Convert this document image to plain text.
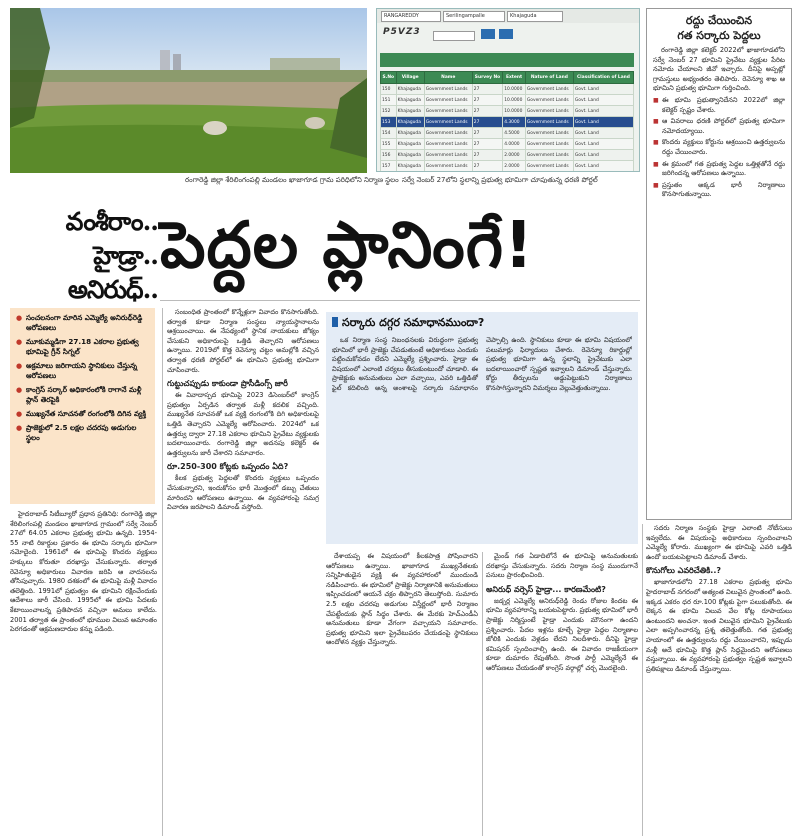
రంగారెడ్డి జిల్లా శేరిలింగంపల్లి మండలం ఖాజాగూడ గ్రామ పరిధిలోని నిర్మాణ స్థలం
RANGAREDDY	Serilingampalle	Khajaguda
P5VZ3
S.No	Village	Name	Survey No	Extent	Nature of Land	Classification of Land
150	Khajaguda	Government Lands	27	10.0000	Government Lands	Govt. Land
151	Khajaguda	Government Lands	27	10.0000	Government Lands	Govt. Land
152	Khajaguda	Government Lands	27	10.0000	Government Lands	Govt. Land
153	Khajaguda	Government Lands	27	4.3000	Government Lands	Govt. Land
154	Khajaguda	Government Lands	27	4.5000	Government Lands	Govt. Land
155	Khajaguda	Government Lands	27	4.0000	Government Lands	Govt. Land
156	Khajaguda	Government Lands	27	2.0000	Government Lands	Govt. Land
157	Khajaguda	Government Lands	27	2.0000	Government Lands	Govt. Land

సర్వే నెంబర్ 27లోని స్థలాన్ని ప్రభుత్వ భూమిగా చూపుతున్న ధరణి పోర్టల్
రద్దు చేయించిన
గత సర్కారు పెద్దలు

రంగారెడ్డి జిల్లా కలెక్టర్ 2022లో ఖాజాగూడలోని సర్వే నెంబర్ 27 భూమిని ప్రైవేటు వ్యక్తుల పేరిట నమోదు చేయాలని జీవో ఇచ్చారు. దీనిపై అప్పట్లో గ్రామస్తులు అభ్యంతరం తెలిపారు. రెవెన్యూ శాఖ ఆ భూమిని ప్రభుత్వ భూమిగా గుర్తించింది.

■ ఈ భూమి ప్రభుత్వానిదేనని 2022లో జిల్లా కలెక్టర్ స్పష్టం చేశారు.
■ ఆ వివరాలు ధరణి పోర్టల్‌లో ప్రభుత్వ భూమిగా నమోదయ్యాయి.
■ కొందరు వ్యక్తులు కోర్టును ఆశ్రయించి ఉత్తర్వులను రద్దు చేయించారు.
■ ఈ క్రమంలో గత ప్రభుత్వ పెద్దల ఒత్తిళ్లతోనే రద్దు జరిగిందన్న ఆరోపణలు ఉన్నాయి.
■ ప్రస్తుతం అక్కడ భారీ నిర్మాణాలు కొనసాగుతున్నాయి.
వంశీరాం..
హైడ్రా..
అనిరుధ్..
పెద్దల ప్లానింగే!
● సంచలనంగా మారిన ఎమ్మెల్యే అనిరుధ్‌రెడ్డి ఆరోపణలు
● మూకుమ్మడిగా 27.18 ఎకరాల ప్రభుత్వ భూమిపై గ్రీన్ సిగ్నల్
● అక్రమాలు జరిగాయని స్థానికులు చేస్తున్న ఆరోపణలు
● కాంగ్రెస్ సర్కార్ అధికారంలోకి రాగానే మళ్లీ ప్లాన్ తెరపైకి
● ముఖ్యనేత సూచనతో రంగంలోకి దిగిన వ్యక్తి
● ప్రాజెక్టులో 2.5 లక్షల చదరపు అడుగుల స్థలం

హైదరాబాద్ సిటీబ్యూరో ప్రధాన ప్రతినిధి: రంగారెడ్డి జిల్లా శేరిలింగంపల్లి మండలం ఖాజాగూడ గ్రామంలో సర్వే నెంబర్ 27లో 64.05 ఎకరాల ప్రభుత్వ భూమి ఉన్నది. 1954-55 నాటి రికార్డుల ప్రకారం ఈ భూమి సర్కారు భూమిగా నమోదైంది. 1961లో ఈ భూమిపై కొందరు వ్యక్తులు హక్కులు కోరుతూ దరఖాస్తు చేసుకున్నారు. తర్వాత రెవెన్యూ అధికారులు విచారణ జరిపి ఆ వాదనలను తోసిపుచ్చారు. 1980 దశకంలో ఈ భూమిపై మళ్లీ వివాదం తలెత్తింది. 1991లో ప్రభుత్వం ఈ భూమిని రక్షించేందుకు ఆదేశాలు జారీ చేసింది. 1995లో ఈ భూమి పేదలకు కేటాయించాలన్న ప్రతిపాదన వచ్చినా అమలు కాలేదు. 2001 తర్వాత ఈ ప్రాంతంలో భూముల విలువ అమాంతం పెరగడంతో ఆక్రమణదారుల కన్ను పడింది.

సంబంధిత ప్రాంతంలో కొన్నేళ్లుగా వివాదం కొనసాగుతోంది. తర్వాత కూడా నిర్మాణ సంస్థలు న్యాయస్థానాలను ఆశ్రయించాయి. ఈ నేపథ్యంలో స్థానిక నాయకులు జోక్యం చేసుకుని అధికారులపై ఒత్తిడి తెచ్చారని ఆరోపణలు ఉన్నాయి. 2019లో కొత్త రెవెన్యూ చట్టం అమల్లోకి వచ్చిన తర్వాత ధరణి పోర్టల్‌లో ఈ భూమిని ప్రభుత్వ భూమిగా చూపించారు.

గుట్టుచప్పుడు కాకుండా ప్రొసీడింగ్స్ జారీ

ఈ వివాదాస్పద భూమిపై 2023 డిసెంబర్‌లో కాంగ్రెస్ ప్రభుత్వం ఏర్పడిన తర్వాత మళ్లీ కదలిక వచ్చింది. ముఖ్యనేత సూచనతో ఒక వ్యక్తి రంగంలోకి దిగి అధికారులపై ఒత్తిడి తెచ్చారని ఎమ్మెల్యే ఆరోపించారు. 2024లో ఒక ఉత్తర్వు ద్వారా 27.18 ఎకరాల భూమిని ప్రైవేటు వ్యక్తులకు బదలాయించారు. రంగారెడ్డి జిల్లా అదనపు కలెక్టర్ ఈ ఉత్తర్వులను జారీ చేశారని సమాచారం.

రూ.250-300 కోట్లకు ఒప్పందం ఏది?

కీలక ప్రభుత్వ పెద్దలతో కొందరు వ్యక్తులు ఒప్పందం చేసుకున్నారని, ఇందుకోసం భారీ మొత్తంలో డబ్బు చేతులు మారిందని ఆరోపణలు ఉన్నాయి. ఈ వ్యవహారంపై సమగ్ర విచారణ జరపాలని డిమాండ్ వస్తోంది.

సర్కారు దగ్గర సమాధానముందా?

ఒక నిర్మాణ సంస్థ నిబంధనలకు విరుద్ధంగా ప్రభుత్వ భూమిలో భారీ ప్రాజెక్టు చేపడుతుంటే అధికారులు ఎందుకు పట్టించుకోవడం లేదని ఎమ్మెల్యే ప్రశ్నించారు. హైడ్రా ఈ విషయంలో ఎలాంటి చర్యలు తీసుకుంటుందో చూడాలి. ఈ ప్రాజెక్టుకు అనుమతులు ఎలా వచ్చాయి, ఎవరి ఒత్తిడితో ఫైల్ కదిలింది అన్న అంశాలపై సర్కారు సమాధానం చెప్పాల్సి ఉంది. స్థానికులు కూడా ఈ భూమి విషయంలో పలుమార్లు ఫిర్యాదులు చేశారు. రెవెన్యూ రికార్డుల్లో ప్రభుత్వ భూమిగా ఉన్న స్థలాన్ని ప్రైవేటుకు ఎలా బదలాయించారో స్పష్టత ఇవ్వాలని డిమాండ్ చేస్తున్నారు. కోర్టు తీర్పులను అడ్డుపెట్టుకుని నిర్మాణాలు కొనసాగిస్తున్నారని విమర్శలు వెల్లువెత్తుతున్నాయి.

దేశాయప్ప ఈ విషయంలో కీలకపాత్ర పోషించారని ఆరోపణలు ఉన్నాయి. ఖాజాగూడ ముఖ్యనేతలకు సన్నిహితుడైన వ్యక్తి ఈ వ్యవహారంలో ముందుండి నడిపించారు. ఈ భూమిలో ప్రాజెక్టు నిర్మాణానికి అనుమతులు ఇప్పించడంలో ఆయనే చక్రం తిప్పారని తెలుస్తోంది. సుమారు 2.5 లక్షల చదరపు అడుగుల విస్తీర్ణంలో భారీ నిర్మాణం చేపట్టేందుకు ప్లాన్ సిద్ధం చేశారు. ఈ మేరకు హెచ్‌ఎండీఏ అనుమతులు కూడా వేగంగా వచ్చాయని సమాచారం. ప్రభుత్వ భూమిని ఇలా ప్రైవేటుపరం చేయడంపై స్థానికులు ఆందోళన వ్యక్తం చేస్తున్నారు.

మైండ్ గత ఏడాదిలోనే ఈ భూమిపై అనుమతులకు దరఖాస్తు చేసుకున్నారు. సదరు నిర్మాణ సంస్థ ముందుగానే పనులు ప్రారంభించింది.

అనిరుధ్ వర్సెస్ హైడ్రా... కారణమేంటి?

జడ్చర్ల ఎమ్మెల్యే అనిరుధ్‌రెడ్డి రెండు రోజుల కిందట ఈ భూమి వ్యవహారాన్ని బయటపెట్టారు. ప్రభుత్వ భూమిలో భారీ ప్రాజెక్టు నిర్మిస్తుంటే హైడ్రా ఎందుకు మౌనంగా ఉందని ప్రశ్నించారు. పేదల ఇళ్లను కూల్చే హైడ్రా పెద్దల నిర్మాణాల జోలికి ఎందుకు వెళ్లడం లేదని నిలదీశారు. దీనిపై హైడ్రా కమిషనర్ స్పందించాల్సి ఉంది. ఈ వివాదం రాజకీయంగా కూడా దుమారం రేపుతోంది. సొంత పార్టీ ఎమ్మెల్యేనే ఈ ఆరోపణలు చేయడంతో కాంగ్రెస్ వర్గాల్లో చర్చ మొదలైంది.

సదరు నిర్మాణ సంస్థకు హైడ్రా ఎలాంటి నోటీసులు ఇవ్వలేదు. ఈ విషయంపై అధికారులు స్పందించాలని ఎమ్మెల్యే కోరారు. ముఖ్యంగా ఈ భూమిపై ఎవరి ఒత్తిడి ఉందో బయటపెట్టాలని డిమాండ్ చేశారు.

కొనుగోలు ఎవరిచేతికి..?

ఖాజాగూడలోని 27.18 ఎకరాల ప్రభుత్వ భూమి హైదరాబాద్ నగరంలో అత్యంత విలువైన ప్రాంతంలో ఉంది. ఇక్కడ ఎకరం ధర రూ.100 కోట్లకు పైగా పలుకుతోంది. ఈ లెక్కన ఈ భూమి విలువ వేల కోట్ల రూపాయలు ఉంటుందని అంచనా. ఇంత విలువైన భూమిని ప్రైవేటుకు ఎలా అప్పగించారన్న ప్రశ్న తలెత్తుతోంది. గత ప్రభుత్వ హయాంలో ఈ ఉత్తర్వులను రద్దు చేయించారని, ఇప్పుడు మళ్లీ అదే భూమిపై కొత్త ప్లాన్ సిద్ధమైందని ఆరోపణలు వస్తున్నాయి. ఈ వ్యవహారంపై ప్రభుత్వం స్పష్టత ఇవ్వాలని ప్రతిపక్షాలు డిమాండ్ చేస్తున్నాయి.
